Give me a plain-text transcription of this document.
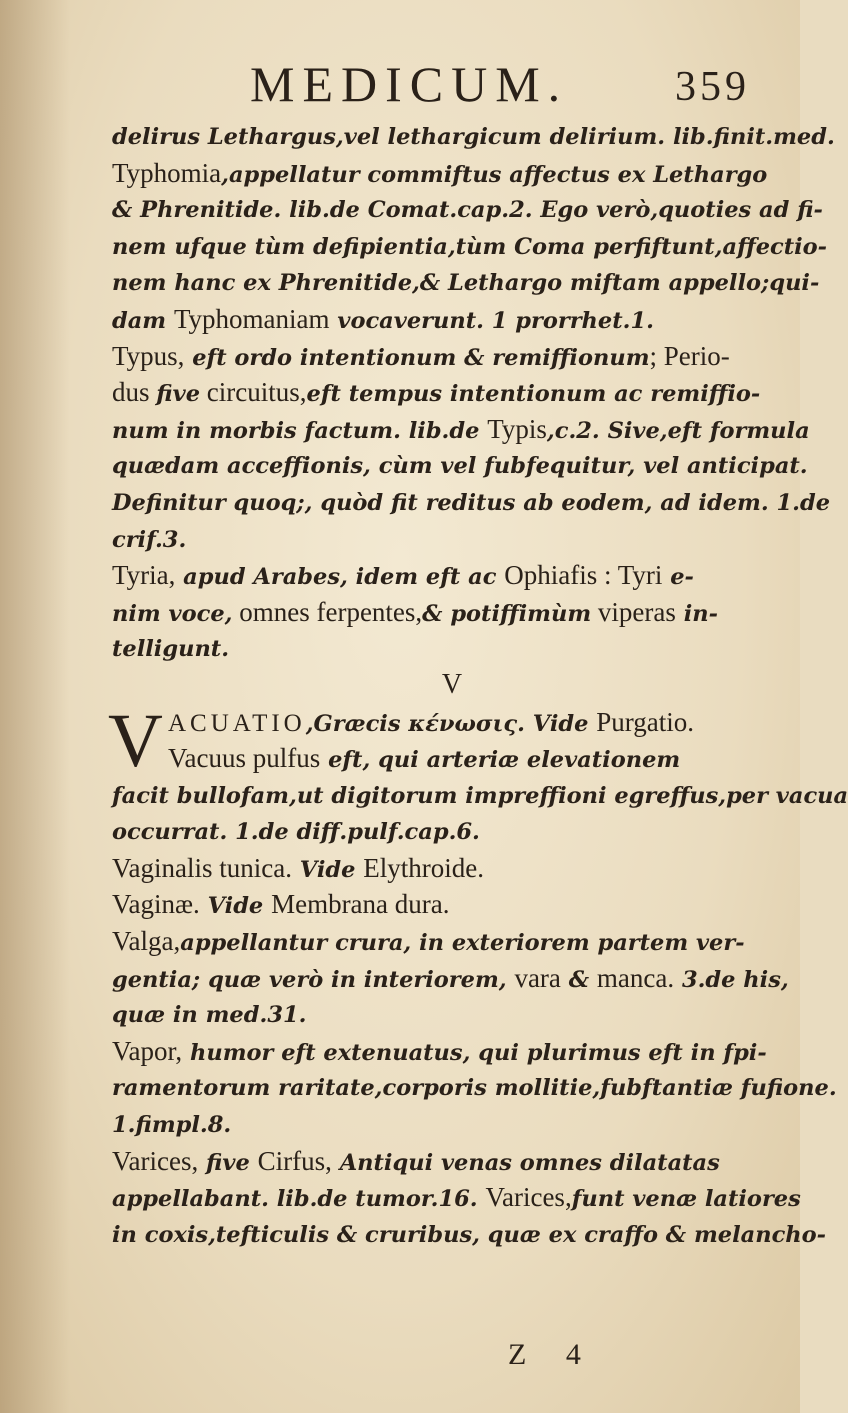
MEDICUM.	359
delirus Lethargus,vel lethargicum delirium. lib.finit.med.
Typhomia,appellatur commiftus affectus ex Lethargo
& Phrenitide. lib.de Comat.cap.2. Ego verò,quoties ad fi-
nem ufque tùm defipientia,tùm Coma perfiftunt,affectio-
nem hanc ex Phrenitide,& Lethargo miftam appello;qui-
dam Typhomaniam vocaverunt. 1 prorrhet.1.
Typus, eft ordo intentionum & remiffionum; Perio-
dus five circuitus,eft tempus intentionum ac remiffio-
num in morbis factum. lib.de Typis,c.2. Sive,eft formula
quædam acceffionis, cùm vel fubfequitur, vel anticipat.
Definitur quoq;, quòd fit reditus ab eodem, ad idem. 1.de
crif.3.
Tyria, apud Arabes, idem eft ac Ophiafis : Tyri e-
nim voce, omnes ferpentes,& potiffimùm viperas in-
telligunt.
V
V ACUATIO,Græcis κένωσις. Vide Purgatio.
Vacuus pulfus eft, qui arteriæ elevationem
facit bullofam,ut digitorum impreffioni egreffus,per vacua
occurrat. 1.de diff.pulf.cap.6.
Vaginalis tunica. Vide Elythroide.
Vaginæ. Vide Membrana dura.
Valga,appellantur crura, in exteriorem partem ver-
gentia; quæ verò in interiorem, vara & manca. 3.de his,
quæ in med.31.
Vapor, humor eft extenuatus, qui plurimus eft in fpi-
ramentorum raritate,corporis mollitie,fubftantiæ fufione.
1.fimpl.8.
Varices, five Cirfus, Antiqui venas omnes dilatatas
appellabant. lib.de tumor.16. Varices,funt venæ latiores
in coxis,tefticulis & cruribus, quæ ex craffo & melancho-
Z 4
